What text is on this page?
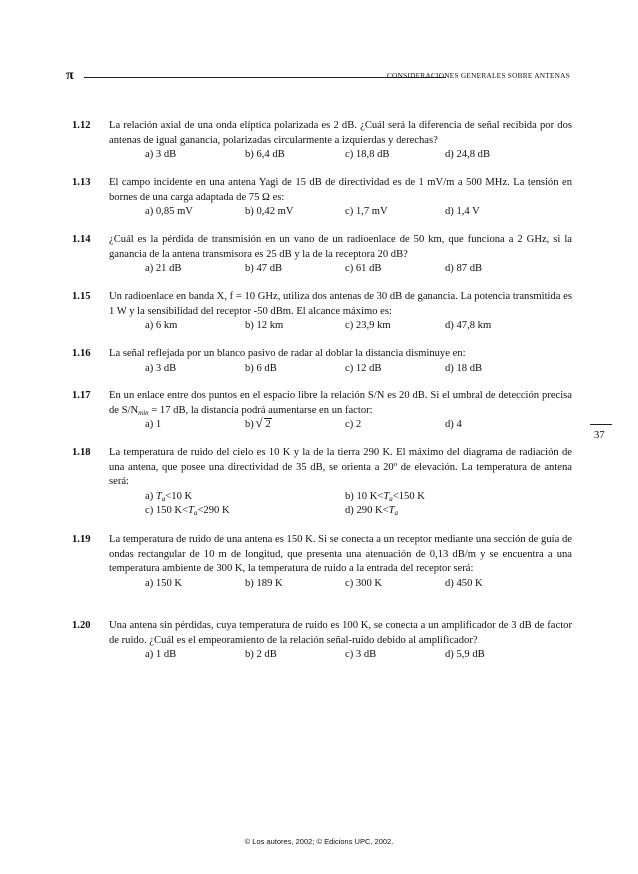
π	CONSIDERACIONES GENERALES SOBRE ANTENAS
37
1.12 La relación axial de una onda elíptica polarizada es 2 dB. ¿Cuál será la diferencia de señal recibida por dos antenas de igual ganancia, polarizadas circularmente a izquierdas y derechas?
a) 3 dB	b) 6,4 dB	c) 18,8 dB	d) 24,8 dB
1.13 El campo incidente en una antena Yagi de 15 dB de directividad es de 1 mV/m a 500 MHz. La tensión en bornes de una carga adaptada de 75 Ω es:
a) 0,85 mV	b) 0,42 mV	c) 1,7 mV	d) 1,4 V
1.14 ¿Cuál es la pérdida de transmisión en un vano de un radioenlace de 50 km, que funciona a 2 GHz, si la ganancia de la antena transmisora es 25 dB y la de la receptora 20 dB?
a) 21 dB	b) 47 dB	c) 61 dB	d) 87 dB
1.15 Un radioenlace en banda X, f = 10 GHz, utiliza dos antenas de 30 dB de ganancia. La potencia transmitida es 1 W y la sensibilidad del receptor -50 dBm. El alcance máximo es:
a) 6 km	b) 12 km	c) 23,9 km	d) 47,8 km
1.16 La señal reflejada por un blanco pasivo de radar al doblar la distancia disminuye en:
a) 3 dB	b) 6 dB	c) 12 dB	d) 18 dB
1.17 En un enlace entre dos puntos en el espacio libre la relación S/N es 20 dB. Si el umbral de detección precisa de $S/N_{min} = 17$ dB, la distancia podrá aumentarse en un factor:
a) 1	b) √ 2	c) 2	d) 4
1.18 La temperatura de ruido del cielo es 10 K y la de la tierra 290 K. El máximo del diagrama de radiación de una antena, que posee una directividad de 35 dB, se orienta a 20º de elevación. La temperatura de antena será:
a) $T_a<10$ K	b) 10 $K<T_a<150$ K
c) 150 $K<T_a<290$ K	d) 290 $K<T_a$
1.19 La temperatura de ruido de una antena es 150 K. Si se conecta a un receptor mediante una sección de guía de ondas rectangular de 10 m de longitud, que presenta una atenuación de 0,13 dB/m y se encuentra a una temperatura ambiente de 300 K, la temperatura de ruido a la entrada del receptor será:
a) 150 K	b) 189 K	c) 300 K	d) 450 K
1.20 Una antena sin pérdidas, cuya temperatura de ruido es 100 K, se conecta a un amplificador de 3 dB de factor de ruido. ¿Cuál es el empeoramiento de la relación señal-ruido debido al amplificador?
a) 1 dB	b) 2 dB	c) 3 dB	d) 5,9 dB
© Los autores, 2002; © Edicions UPC, 2002.
